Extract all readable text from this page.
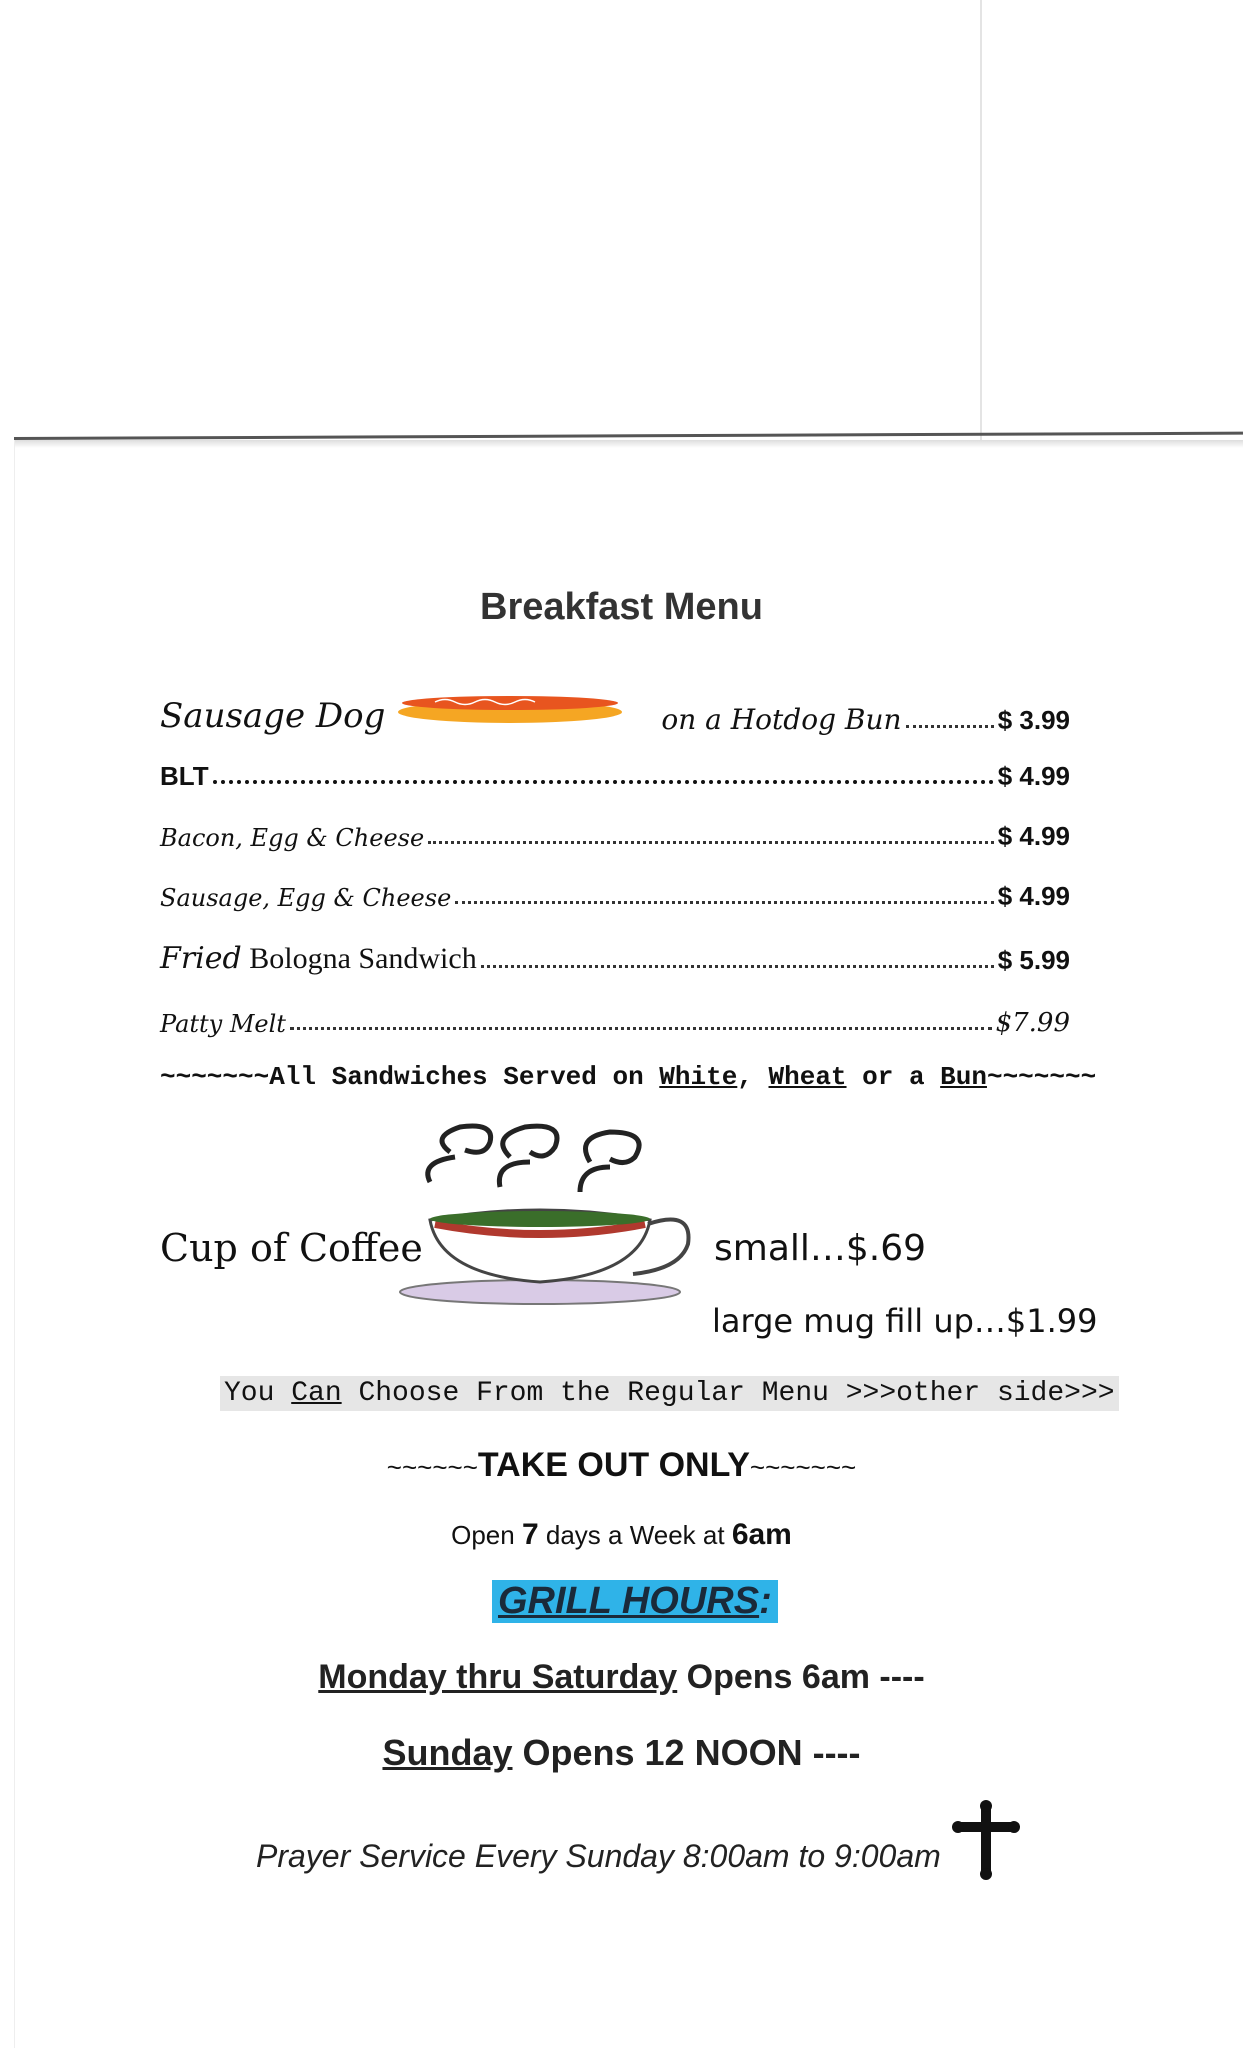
Breakfast Menu
Sausage Dog	on a Hotdog Bun	$ 3.99
BLT	$ 4.99
Bacon, Egg & Cheese	$ 4.99
Sausage, Egg & Cheese	$ 4.99
Fried Bologna Sandwich	$ 5.99
Patty Melt	$7.99
~~~~~~~All Sandwiches Served on White, Wheat or a Bun~~~~~~~
Cup of Coffee	small…$.69
large mug fill up…$1.99
You Can Choose From the Regular Menu >>>other side>>>
~~~~~~TAKE OUT ONLY~~~~~~~
Open 7 days a Week at 6am
GRILL HOURS:
Monday thru Saturday Opens 6am ----
Sunday Opens 12 NOON ----
Prayer Service Every Sunday 8:00am to 9:00am
